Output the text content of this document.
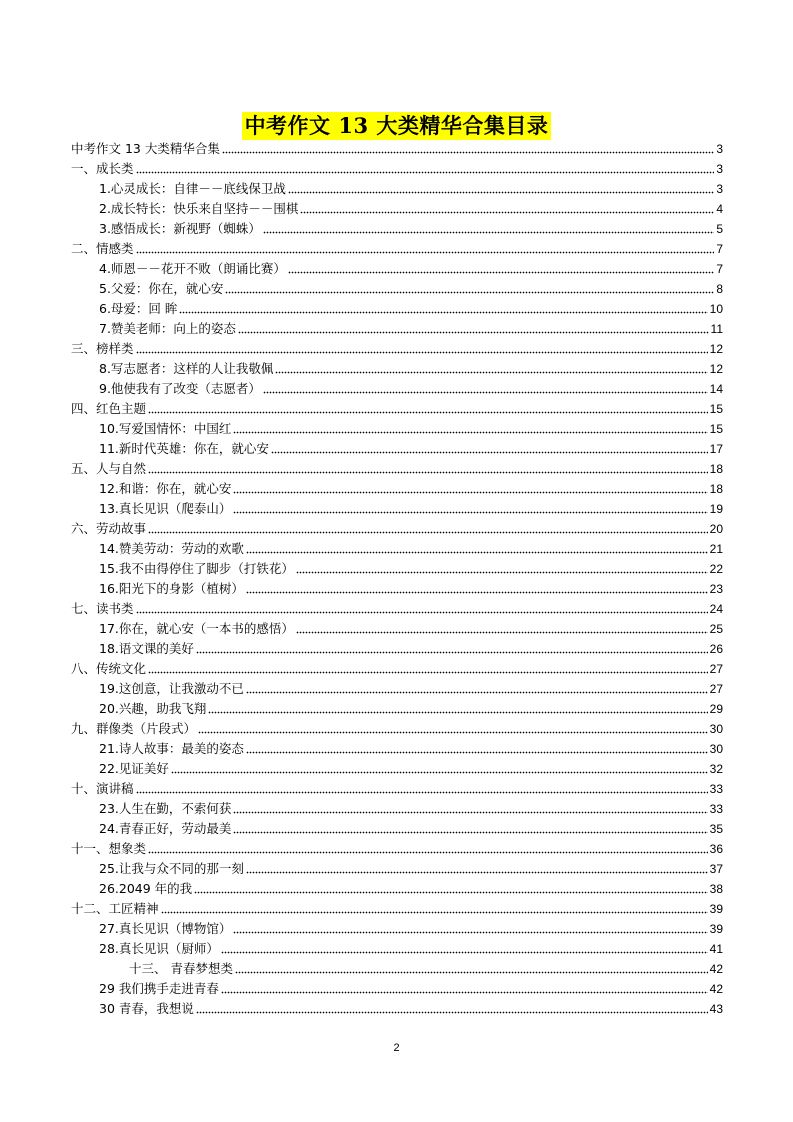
中考作文 13 大类精华合集目录
中考作文 13 大类精华合集	3
一、成长类	3
1.心灵成长：自律－－底线保卫战	3
2.成长特长：快乐来自坚持－－围棋	4
3.感悟成长：新视野（蜘蛛）	5
二、情感类	7
4.师恩－－花开不败（朗诵比赛）	7
5.父爱：你在，就心安	8
6.母爱：回 眸	10
7.赞美老师：向上的姿态	11
三、榜样类	12
8.写志愿者：这样的人让我敬佩	12
9.他使我有了改变（志愿者）	14
四、红色主题	15
10.写爱国情怀：中国红	15
11.新时代英雄：你在，就心安	17
五、人与自然	18
12.和谐：你在，就心安	18
13.真长见识（爬泰山）	19
六、劳动故事	20
14.赞美劳动：劳动的欢歌	21
15.我不由得停住了脚步（打铁花）	22
16.阳光下的身影（植树）	23
七、读书类	24
17.你在，就心安（一本书的感悟）	25
18.语文课的美好	26
八、传统文化	27
19.这创意，让我激动不已	27
20.兴趣，助我飞翔	29
九、群像类（片段式）	30
21.诗人故事：最美的姿态	30
22.见证美好	32
十、演讲稿	33
23.人生在勤，不索何获	33
24.青春正好，劳动最美	35
十一、想象类	36
25.让我与众不同的那一刻	37
26.2049 年的我	38
十二、工匠精神	39
27.真长见识（博物馆）	39
28.真长见识（厨师）	41
十三、 青春梦想类	42
29 我们携手走进青春	42
30 青春，我想说	43
2
